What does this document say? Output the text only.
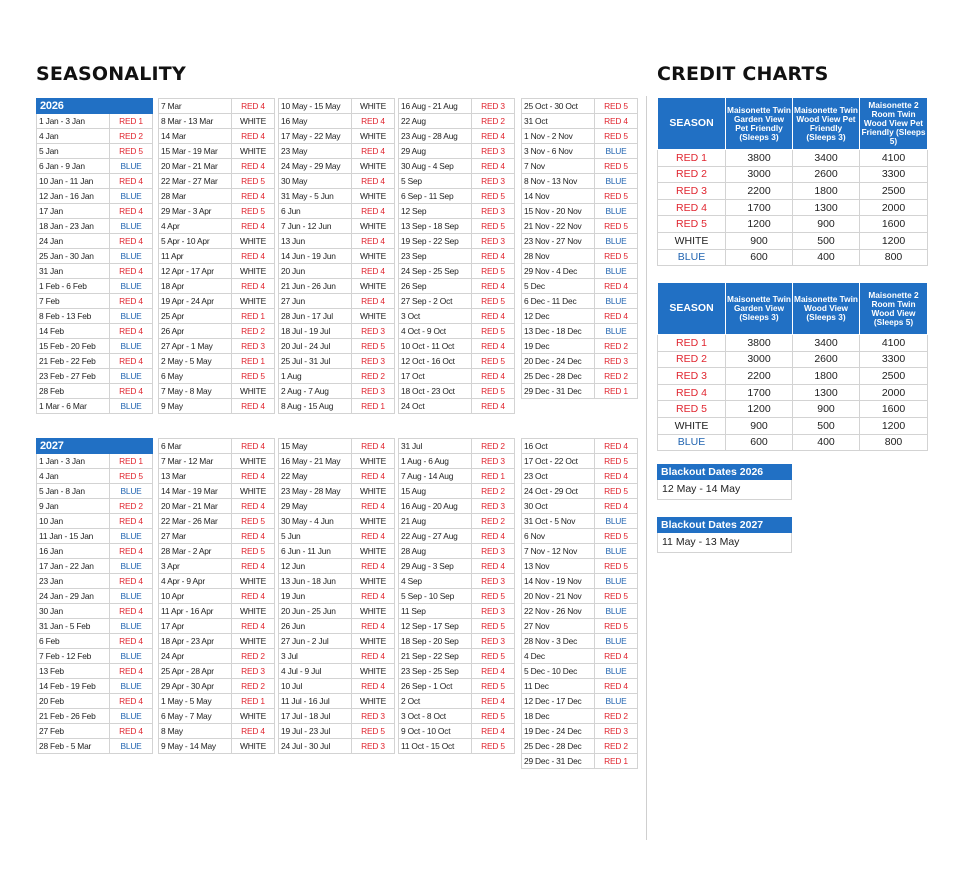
SEASONALITY	CREDIT CHARTS
2026	
1 Jan - 3 Jan	RED 1
4 Jan	RED 2
5 Jan	RED 5
6 Jan - 9 Jan	BLUE
10 Jan - 11 Jan	RED 4
12 Jan - 16 Jan	BLUE
17 Jan	RED 4
18 Jan - 23 Jan	BLUE
24 Jan	RED 4
25 Jan - 30 Jan	BLUE
31 Jan	RED 4
1 Feb - 6 Feb	BLUE
7 Feb	RED 4
8 Feb - 13 Feb	BLUE
14 Feb	RED 4
15 Feb - 20 Feb	BLUE
21 Feb - 22 Feb	RED 4
23 Feb - 27 Feb	BLUE
28 Feb	RED 4
1 Mar - 6 Mar	BLUE
7 Mar	RED 4
8 Mar - 13 Mar	WHITE
14 Mar	RED 4
15 Mar - 19 Mar	WHITE
20 Mar - 21 Mar	RED 4
22 Mar - 27 Mar	RED 5
28 Mar	RED 4
29 Mar - 3 Apr	RED 5
4 Apr	RED 4
5 Apr - 10 Apr	WHITE
11 Apr	RED 4
12 Apr - 17 Apr	WHITE
18 Apr	RED 4
19 Apr - 24 Apr	WHITE
25 Apr	RED 1
26 Apr	RED 2
27 Apr - 1 May	RED 3
2 May - 5 May	RED 1
6 May	RED 5
7 May - 8 May	WHITE
9 May	RED 4
10 May - 15 May	WHITE
16 May	RED 4
17 May - 22 May	WHITE
23 May	RED 4
24 May - 29 May	WHITE
30 May	RED 4
31 May - 5 Jun	WHITE
6 Jun	RED 4
7 Jun - 12 Jun	WHITE
13 Jun	RED 4
14 Jun - 19 Jun	WHITE
20 Jun	RED 4
21 Jun - 26 Jun	WHITE
27 Jun	RED 4
28 Jun - 17 Jul	WHITE
18 Jul - 19 Jul	RED 3
20 Jul - 24 Jul	RED 5
25 Jul - 31 Jul	RED 3
1 Aug	RED 2
2 Aug - 7 Aug	RED 3
8 Aug - 15 Aug	RED 1
16 Aug - 21 Aug	RED 3
22 Aug	RED 2
23 Aug - 28 Aug	RED 4
29 Aug	RED 3
30 Aug - 4 Sep	RED 4
5 Sep	RED 3
6 Sep - 11 Sep	RED 5
12 Sep	RED 3
13 Sep - 18 Sep	RED 5
19 Sep - 22 Sep	RED 3
23 Sep	RED 4
24 Sep - 25 Sep	RED 5
26 Sep	RED 4
27 Sep - 2 Oct	RED 5
3 Oct	RED 4
4 Oct - 9 Oct	RED 5
10 Oct - 11 Oct	RED 4
12 Oct - 16 Oct	RED 5
17 Oct	RED 4
18 Oct - 23 Oct	RED 5
24 Oct	RED 4
25 Oct - 30 Oct	RED 5
31 Oct	RED 4
1 Nov - 2 Nov	RED 5
3 Nov - 6 Nov	BLUE
7 Nov	RED 5
8 Nov - 13 Nov	BLUE
14 Nov	RED 5
15 Nov - 20 Nov	BLUE
21 Nov - 22 Nov	RED 5
23 Nov - 27 Nov	BLUE
28 Nov	RED 5
29 Nov - 4 Dec	BLUE
5 Dec	RED 4
6 Dec - 11 Dec	BLUE
12 Dec	RED 4
13 Dec - 18 Dec	BLUE
19 Dec	RED 2
20 Dec - 24 Dec	RED 3
25 Dec - 28 Dec	RED 2
29 Dec - 31 Dec	RED 1
2027	
1 Jan - 3 Jan	RED 1
4 Jan	RED 5
5 Jan - 8 Jan	BLUE
9 Jan	RED 2
10 Jan	RED 4
11 Jan - 15 Jan	BLUE
16 Jan	RED 4
17 Jan - 22 Jan	BLUE
23 Jan	RED 4
24 Jan - 29 Jan	BLUE
30 Jan	RED 4
31 Jan - 5 Feb	BLUE
6 Feb	RED 4
7 Feb - 12 Feb	BLUE
13 Feb	RED 4
14 Feb - 19 Feb	BLUE
20 Feb	RED 4
21 Feb - 26 Feb	BLUE
27 Feb	RED 4
28 Feb - 5 Mar	BLUE
6 Mar	RED 4
7 Mar - 12 Mar	WHITE
13 Mar	RED 4
14 Mar - 19 Mar	WHITE
20 Mar - 21 Mar	RED 4
22 Mar - 26 Mar	RED 5
27 Mar	RED 4
28 Mar - 2 Apr	RED 5
3 Apr	RED 4
4 Apr - 9 Apr	WHITE
10 Apr	RED 4
11 Apr - 16 Apr	WHITE
17 Apr	RED 4
18 Apr - 23 Apr	WHITE
24 Apr	RED 2
25 Apr - 28 Apr	RED 3
29 Apr - 30 Apr	RED 2
1 May - 5 May	RED 1
6 May - 7 May	WHITE
8 May	RED 4
9 May - 14 May	WHITE
15 May	RED 4
16 May - 21 May	WHITE
22 May	RED 4
23 May - 28 May	WHITE
29 May	RED 4
30 May - 4 Jun	WHITE
5 Jun	RED 4
6 Jun - 11 Jun	WHITE
12 Jun	RED 4
13 Jun - 18 Jun	WHITE
19 Jun	RED 4
20 Jun - 25 Jun	WHITE
26 Jun	RED 4
27 Jun - 2 Jul	WHITE
3 Jul	RED 4
4 Jul - 9 Jul	WHITE
10 Jul	RED 4
11 Jul - 16 Jul	WHITE
17 Jul - 18 Jul	RED 3
19 Jul - 23 Jul	RED 5
24 Jul - 30 Jul	RED 3
31 Jul	RED 2
1 Aug - 6 Aug	RED 3
7 Aug - 14 Aug	RED 1
15 Aug	RED 2
16 Aug - 20 Aug	RED 3
21 Aug	RED 2
22 Aug - 27 Aug	RED 4
28 Aug	RED 3
29 Aug - 3 Sep	RED 4
4 Sep	RED 3
5 Sep - 10 Sep	RED 5
11 Sep	RED 3
12 Sep - 17 Sep	RED 5
18 Sep - 20 Sep	RED 3
21 Sep - 22 Sep	RED 5
23 Sep - 25 Sep	RED 4
26 Sep - 1 Oct	RED 5
2 Oct	RED 4
3 Oct - 8 Oct	RED 5
9 Oct - 10 Oct	RED 4
11 Oct - 15 Oct	RED 5
16 Oct	RED 4
17 Oct - 22 Oct	RED 5
23 Oct	RED 4
24 Oct - 29 Oct	RED 5
30 Oct	RED 4
31 Oct - 5 Nov	BLUE
6 Nov	RED 5
7 Nov - 12 Nov	BLUE
13 Nov	RED 5
14 Nov - 19 Nov	BLUE
20 Nov - 21 Nov	RED 5
22 Nov - 26 Nov	BLUE
27 Nov	RED 5
28 Nov - 3 Dec	BLUE
4 Dec	RED 4
5 Dec - 10 Dec	BLUE
11 Dec	RED 4
12 Dec - 17 Dec	BLUE
18 Dec	RED 2
19 Dec - 24 Dec	RED 3
25 Dec - 28 Dec	RED 2
29 Dec - 31 Dec	RED 1
SEASON	Maisonette Twin Garden View Pet Friendly (Sleeps 3)	Maisonette Twin Wood View Pet Friendly (Sleeps 3)	Maisonette 2 Room Twin Wood View Pet Friendly (Sleeps 5)
RED 1	3800	3400	4100
RED 2	3000	2600	3300
RED 3	2200	1800	2500
RED 4	1700	1300	2000
RED 5	1200	900	1600
WHITE	900	500	1200
BLUE	600	400	800
SEASON	Maisonette Twin Garden View (Sleeps 3)	Maisonette Twin Wood View (Sleeps 3)	Maisonette 2 Room Twin Wood View (Sleeps 5)
RED 1	3800	3400	4100
RED 2	3000	2600	3300
RED 3	2200	1800	2500
RED 4	1700	1300	2000
RED 5	1200	900	1600
WHITE	900	500	1200
BLUE	600	400	800
Blackout Dates 2026
12 May - 14 May
Blackout Dates 2027
11 May - 13 May
